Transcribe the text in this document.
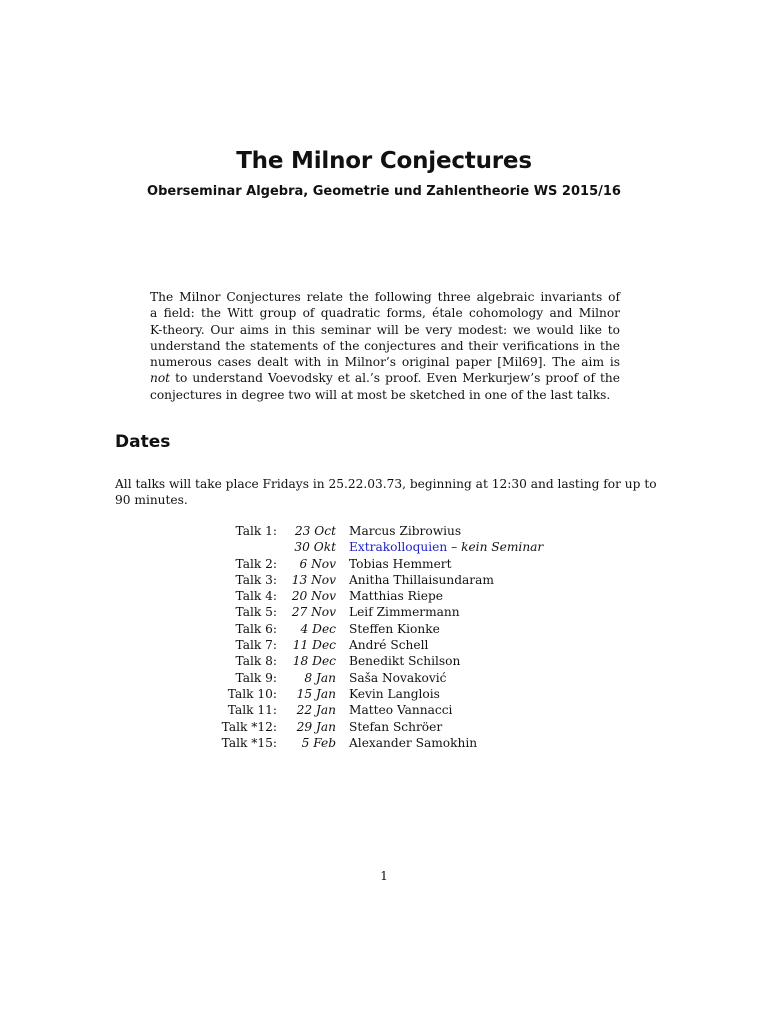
The Milnor Conjectures
Oberseminar Algebra, Geometrie und Zahlentheorie WS 2015/16
The Milnor Conjectures relate the following three algebraic invariants of
a field: the Witt group of quadratic forms, étale cohomology and Milnor
K-theory. Our aims in this seminar will be very modest: we would like to
understand the statements of the conjectures and their verifications in the
numerous cases dealt with in Milnor’s original paper [Mil69]. The aim is
not to understand Voevodsky et al.’s proof. Even Merkurjew’s proof of the
conjectures in degree two will at most be sketched in one of the last talks.
Dates
All talks will take place Fridays in 25.22.03.73, beginning at 12:30 and lasting for up to
90 minutes.
Talk 1: 23 Oct Marcus Zibrowius
30 Okt Extrakolloquien – kein Seminar
Talk 2: 6 Nov Tobias Hemmert
Talk 3: 13 Nov Anitha Thillaisundaram
Talk 4: 20 Nov Matthias Riepe
Talk 5: 27 Nov Leif Zimmermann
Talk 6: 4 Dec Steffen Kionke
Talk 7: 11 Dec André Schell
Talk 8: 18 Dec Benedikt Schilson
Talk 9: 8 Jan Saša Novaković
Talk 10: 15 Jan Kevin Langlois
Talk 11: 22 Jan Matteo Vannacci
Talk *12: 29 Jan Stefan Schröer
Talk *15: 5 Feb Alexander Samokhin
1
